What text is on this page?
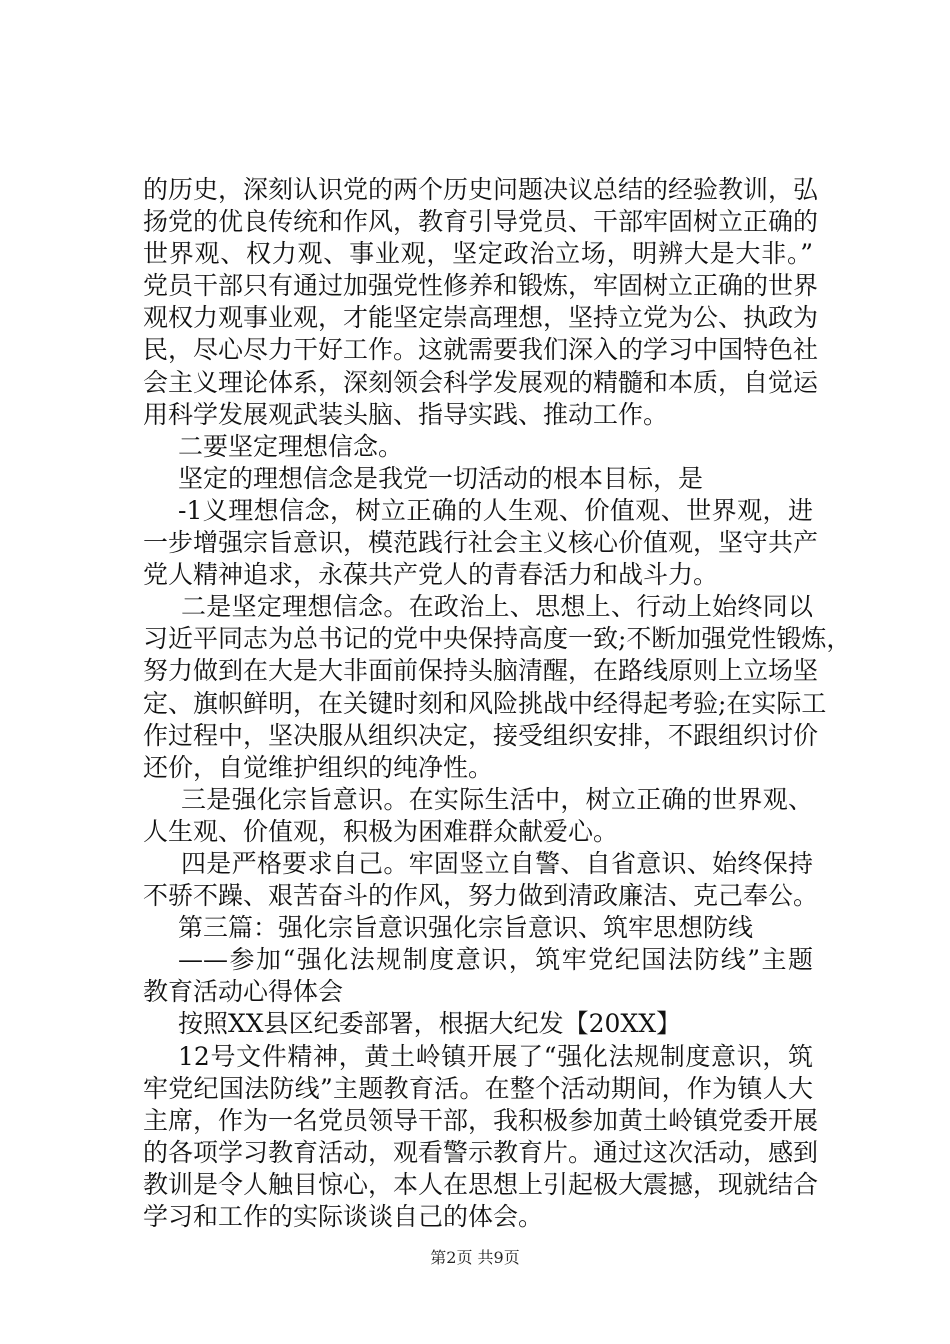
的历史，深刻认识党的两个历史问题决议总结的经验教训，弘
扬党的优良传统和作风，教育引导党员、干部牢固树立正确的
世界观、权力观、事业观，坚定政治立场，明辨大是大非。”
党员干部只有通过加强党性修养和锻炼，牢固树立正确的世界
观权力观事业观，才能坚定崇高理想，坚持立党为公、执政为
民，尽心尽力干好工作。这就需要我们深入的学习中国特色社
会主义理论体系，深刻领会科学发展观的精髓和本质，自觉运
用科学发展观武装头脑、指导实践、推动工作。
二要坚定理想信念。
坚定的理想信念是我党一切活动的根本目标，是
-1义理想信念，树立正确的人生观、价值观、世界观，进
一步增强宗旨意识，模范践行社会主义核心价值观，坚守共产
党人精神追求，永葆共产党人的青春活力和战斗力。
二是坚定理想信念。在政治上、思想上、行动上始终同以
习近平同志为总书记的党中央保持高度一致;不断加强党性锻炼，
努力做到在大是大非面前保持头脑清醒，在路线原则上立场坚
定、旗帜鲜明，在关键时刻和风险挑战中经得起考验;在实际工
作过程中，坚决服从组织决定，接受组织安排，不跟组织讨价
还价，自觉维护组织的纯净性。
三是强化宗旨意识。在实际生活中，树立正确的世界观、
人生观、价值观，积极为困难群众献爱心。
四是严格要求自己。牢固竖立自警、自省意识、始终保持
不骄不躁、艰苦奋斗的作风，努力做到清政廉洁、克己奉公。
第三篇：强化宗旨意识强化宗旨意识、筑牢思想防线
——参加“强化法规制度意识，筑牢党纪国法防线”主题
教育活动心得体会
按照XX县区纪委部署，根据大纪发【20XX】
12号文件精神，黄土岭镇开展了“强化法规制度意识，筑
牢党纪国法防线”主题教育活。在整个活动期间，作为镇人大
主席，作为一名党员领导干部，我积极参加黄土岭镇党委开展
的各项学习教育活动，观看警示教育片。通过这次活动，感到
教训是令人触目惊心，本人在思想上引起极大震撼，现就结合
学习和工作的实际谈谈自己的体会。
第2页 共9页
